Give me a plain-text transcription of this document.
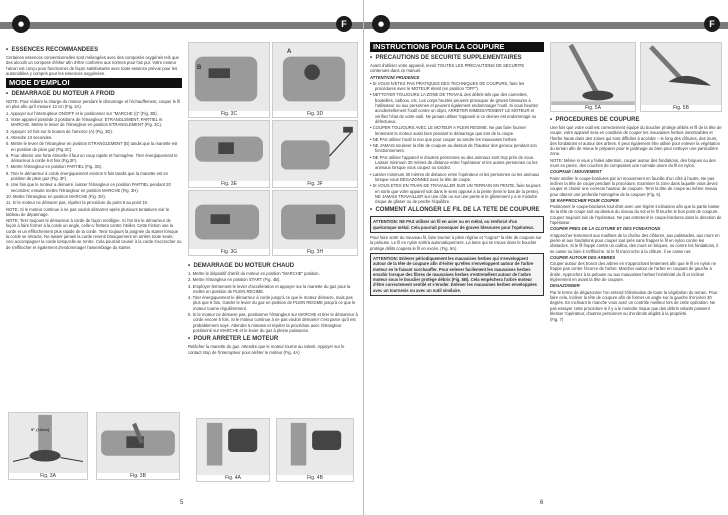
●	F
•  ESSENCES RECOMMANDEES

Certaines essences conventionnelles sont mélangées avec des composés oxygénés tels que des alcools un composé d'éther afin d'être conforme aux normes pour l'air pur. Votre moteur l'alcan est conçu pour fonctionner de façon satisfaisante avec toute essence prévue pour les automobiles y compris pour les essences oxygénées.

MODE D'EMPLOI
•  DEMARRAGE DU MOTEUR A FROID

NOTE: Pour réduire la charge du moteur pendant le démarrage et l'échauffement, couper le fil en plus afin qu'il mesure 13 cm (Fig. 3A).

1. Appuyer sur l'interrupteur ON/OFF et le positionner sur "MARCHE (I)" (Fig. 3B).

2. Votre appareil possède 3 positions de l'étrangleur: ETRANGLEMENT, PARTIEL et MARCHE. Mettre le levier de l'étrangleur en position ETRANGLEMENT (Fig. 3C).

3. Appuyer 10 fois sur le bouton de l'amorce (A) (Fig. 3D).

4. Attendre 10 secondes.

5. Mettre le levier de l'étrangleur en position ETRANGLEMENT (B) tandis que la manette est en position de plein gaz (Fig.3C)

6. Pour obtenir une forte étincelle il faut un coup rapide et homogène. Tirer énergiquement le démarreur à corde 6-8 fois (Fig.3F).

7. Mettre l'étrangleur en position PARTIEL (Fig. 3G).

8. Tirer le démarreur à corde énergiquement environ 5 fois tandis que la manette est en position de plein gaz (Fig. 3F).

9. Une fois que le moteur a démarré, laisser l'étrangleur en position PARTIEL pendant 20 secondes; ensuite mettre l'étrangleur en position MARCHE (Fig. 3H).

10. Mettre l'étrangleur en position MARCHE (Fig. 3H).

11. Si le moteur ne démarre pas, répéter la procédure du point 5 au point 10.

NOTE: Si le moteur continue à ne pas vouloir démarrer après plusieurs tentatives voir le tableau de dépannage.

NOTE: Tirer toujours le démarreur à corde de façon rectiligne. Si l'on tire le démarreur de façon à faire former à la corde un angle, celle-ci frottera contre l'œillet. Cette friction use la corde et un effilochement plus rapide de la corde. Tenir toujours la poignée du starter lorsque la corde se rétracte. Ne laisser jamais la corde revenir brusquement en arrière toute seule; ceci accompagner la corde lorsqu'elle se rentre. Cela pourrait causer à la corde s'accrocher ou de s'effilocher et également d'endommager l'assemblage du starter.

5" (13cm)
Fig. 3A	Fig. 3B
B
Fig. 3C
A
Fig. 3D
Fig. 3E	Fig. 3F
Fig. 3G	Fig. 3H
•  DEMARRAGE DU MOTEUR CHAUD

1. Mettre le dispositif d'arrêt du moteur en position "MARCHE" position.

2. Mettre l'étrangleur en position START (Fig. 4B).

3. Employer fermement le levier d'accélération et appuyer sur la manette du gaz pour la mettre en position de PLEIN REGIME.

4. Tirer énergiquement le démarreur à corde jusqu'à ce que le moteur démarre, mais pas plus que 6 fois. Garder le levier du gaz en position de PLEIN REGIME jusqu'à ce que le moteur tourne régulièrement.

5. Si le moteur ne démarre pas, positionner l'étrangleur sur MARCHE et tirer le démarreur à corde encore 5 fois. Si le moteur continue à ne pas vouloir démarrer c'est parce qu'il est probablement noyé. Attendre 5 minutes et répéter la procédure avec l'étrangleur positionné sur MARCHE et le levier du gaz à pleine puissance.

•  POUR ARRETER LE MOTEUR

Relâcher la manette du gaz. Attendre que le moteur tourne au ralenti. Appuyer sur le contact stop de l'interrupteur pour arrêter le moteur (Fig. 4A)

Fig. 4A	Fig. 4B
5
●	F
INSTRUCTIONS POUR LA COUPURE
•  PRECAUTIONS DE SECURITE SUPPLEMENTAIRES

Avant d'utiliser votre appareil, revoir TOUTES LES PRECAUTIONS DE SECURITE contenues dans ce manuel.

ATTENTION/ PRUDENCE

• SI VOUS N'ETES PAS PRATIQUES DES TECHNIQUES DE COUPURE, faire les procédures avec le MOTEUR éteint (en position "OFF").

• NETTOYER TOUJOURS LA ZONE DE TRAVAIL des débris tels que des cannettes, bouteilles, cailloux, etc. Les corps heurtés peuvent provoquer de graves blessures à l'utilisateur ou aux personnes et peuvent également endommager l'outil. Si vous heurtez accidentellement l'outil contre un objet, ARRETER IMMEDIATEMENT LE MOTEUR et vérifiez l'état de votre outil. Ne jamais utiliser l'appareil si ce dernier est endommagé ou défectueux.

• COUPER TOUJOURS AVEC LE MOTEUR A PLEIN REGIME. Ne pas faire fourner lentement le moteur aussi bien pendant le démarrage que lors de la coupe.

• NE PAS utiliser l'outil si non que pour couper ou tondre les mauvaises herbes.

• NE JAMAIS soulever la tête de coupure au-dessus de l'hauteur des genoux pendant son fonctionnement.

• NE PAS utiliser l'appareil si d'autres personnes ou des animaux sont trop près de vous. Laisser minimum 30 mètres de distance entre l'opérateur et les autres personnes ou les animaux lorsque vous coupez ou tondez.

• Laisser minimum 30 mètres de distance entre l'opérateur et les personnes ou les animaux lorsque vous DEGAZONNEZ avec la tête de coupe.

• SI VOUS ETES EN TRAIN DE TRAVAILLER SUR UN TERRAIN EN PENTE, faire toujours en sorte que votre appareil soit dans le sens opposé à la pente (tenir le bas de la pente). NE JAMAIS TRAVAILLER sur une côte ou sur une pente si le glissement y a le moindre risque de glisser ou de perdre l'équilibre.

•  COMMENT ALLONGER LE FIL DE LA TETE DE COUPURE
ATTENTION: NE PAS utiliser un fil en acier ou en métal, ou renforcé d'un quelconque métal. Cela pourrait provoquer de graves blessures pour l'opérateur.

Pour faire sortir du nouveau fil, faire tourner à plein régime et "cogner" la tête de coupure sur la pelouse. Le fil en nylon sortira automatiquement. La lame qui se trouve dans le bouclier protège délits coupera le fil en excès. (Fig. 5A)

ATTENTION: Enlever périodiquement les mauvaises herbes qui s'enveloppent autour de la tête de coupure afin d'éviter qu'elles s'enveloppent autour de l'arbre moteur en le faisant surchauffer. Pour enlever facilement les mauvaises herbes envahir lorsque des fibres de mauvaises herbes s'entremêlent autour de l'arbre moteur sous le bouclier protège débris (Fig. 5B). Cela empêchera l'arbre moteur d'être correctement ventilé et s'éroder. Enlever les mauvaises herbes enveloppées avec un tournevis ou avec un outil similaire.
Fig. 5A	Fig. 5B
•  PROCEDURES DE COUPURE

Une fois que votre outil est correctement équipé du bouclier protège débris et fil de la tête de coupe, votre appareil sera en condition de couper les mauvaises herbes inextricables et l'herbe haute dans des zones qui sont difficiles à accéder – le long des clôtures, des murs, des fondations et autour des arbres. Il peut également être utilisé pour enlever la végétation du terrain afin de mieux le préparer pour le jardinage ou bien pour nettoyer une particulière zone.

NOTE: Même si vous y faites attention, couper autour des fondations, des briques ou des murs en pierre, des couches de composites une normale usure du fil en nylon.

COUPAGE / MOUVEMENT

Faire osciller le coupe-bordures par un mouvement en faucille d'un côté à l'autre. Ne pas incliner la tête de coupe pendant la procédure. Examiner la zone dans laquelle vous devez couper et choisir une correcte hauteur de coupure. Tenir la tête de coupe au même niveau pour obtenir une profonde homogène de la coupure (Fig. 5).

SE RAPPROCHER POUR COUPER

Positionner le coupe-bordures tout droit avec une légère inclinaison afin que la partie basse de la tête de coupe soit au-dessus du niveau du sol et le fil touche le bon point de coupure. Coupez toujours loin de l'opérateur. Ne pas entretenir le coupe-bordures dans le direction de l'opérateur.

COUPER PRES DE LA CLOTURE ET DES FONDATIONS

S'approcher lentement aux maillons de la chaîne des clôtures, aux palissades, aux murs en pierre et aux fondations pour couper tout près sans frapper le fil en nylon contre les obstacles. Si le fil frappe contre un caillou, des murs en briques, ou contre les fondations, il se casse ou bien il s'effiloche. Si le fil s'accroche à la clôture, il se casse net.

COUPER AUTOUR DES ARBRES

Couper autour des troncs des arbres en s'approchant lentement afin que le fil en nylon ne frappe pas contre l'écorce de l'arbre. Marcher autour de l'arbre en coupant de gauche à droite. Approchez à la pelouse ou aux mauvaises herbes l'extrémité du fil et incliner légèrement en avant la tête de coupure.

DEGAZONNER

Par le terme de dégazonner l'on entend l'élimination de toute la végétation du terrain. Pour faire cela, incliner la tête de coupure afin de former un angle sur la gauche d'environ 30 degrés. En inclinant le manche vous avez un contrôle meilleur lors de cette opération. Ne pas essayer cette procédure si il y a le moindre risque que des débris volants puissent blesser l'opérateur, d'autres personnes ou d'endroits dégâts à la propriété.

(Fig. 7)

6
